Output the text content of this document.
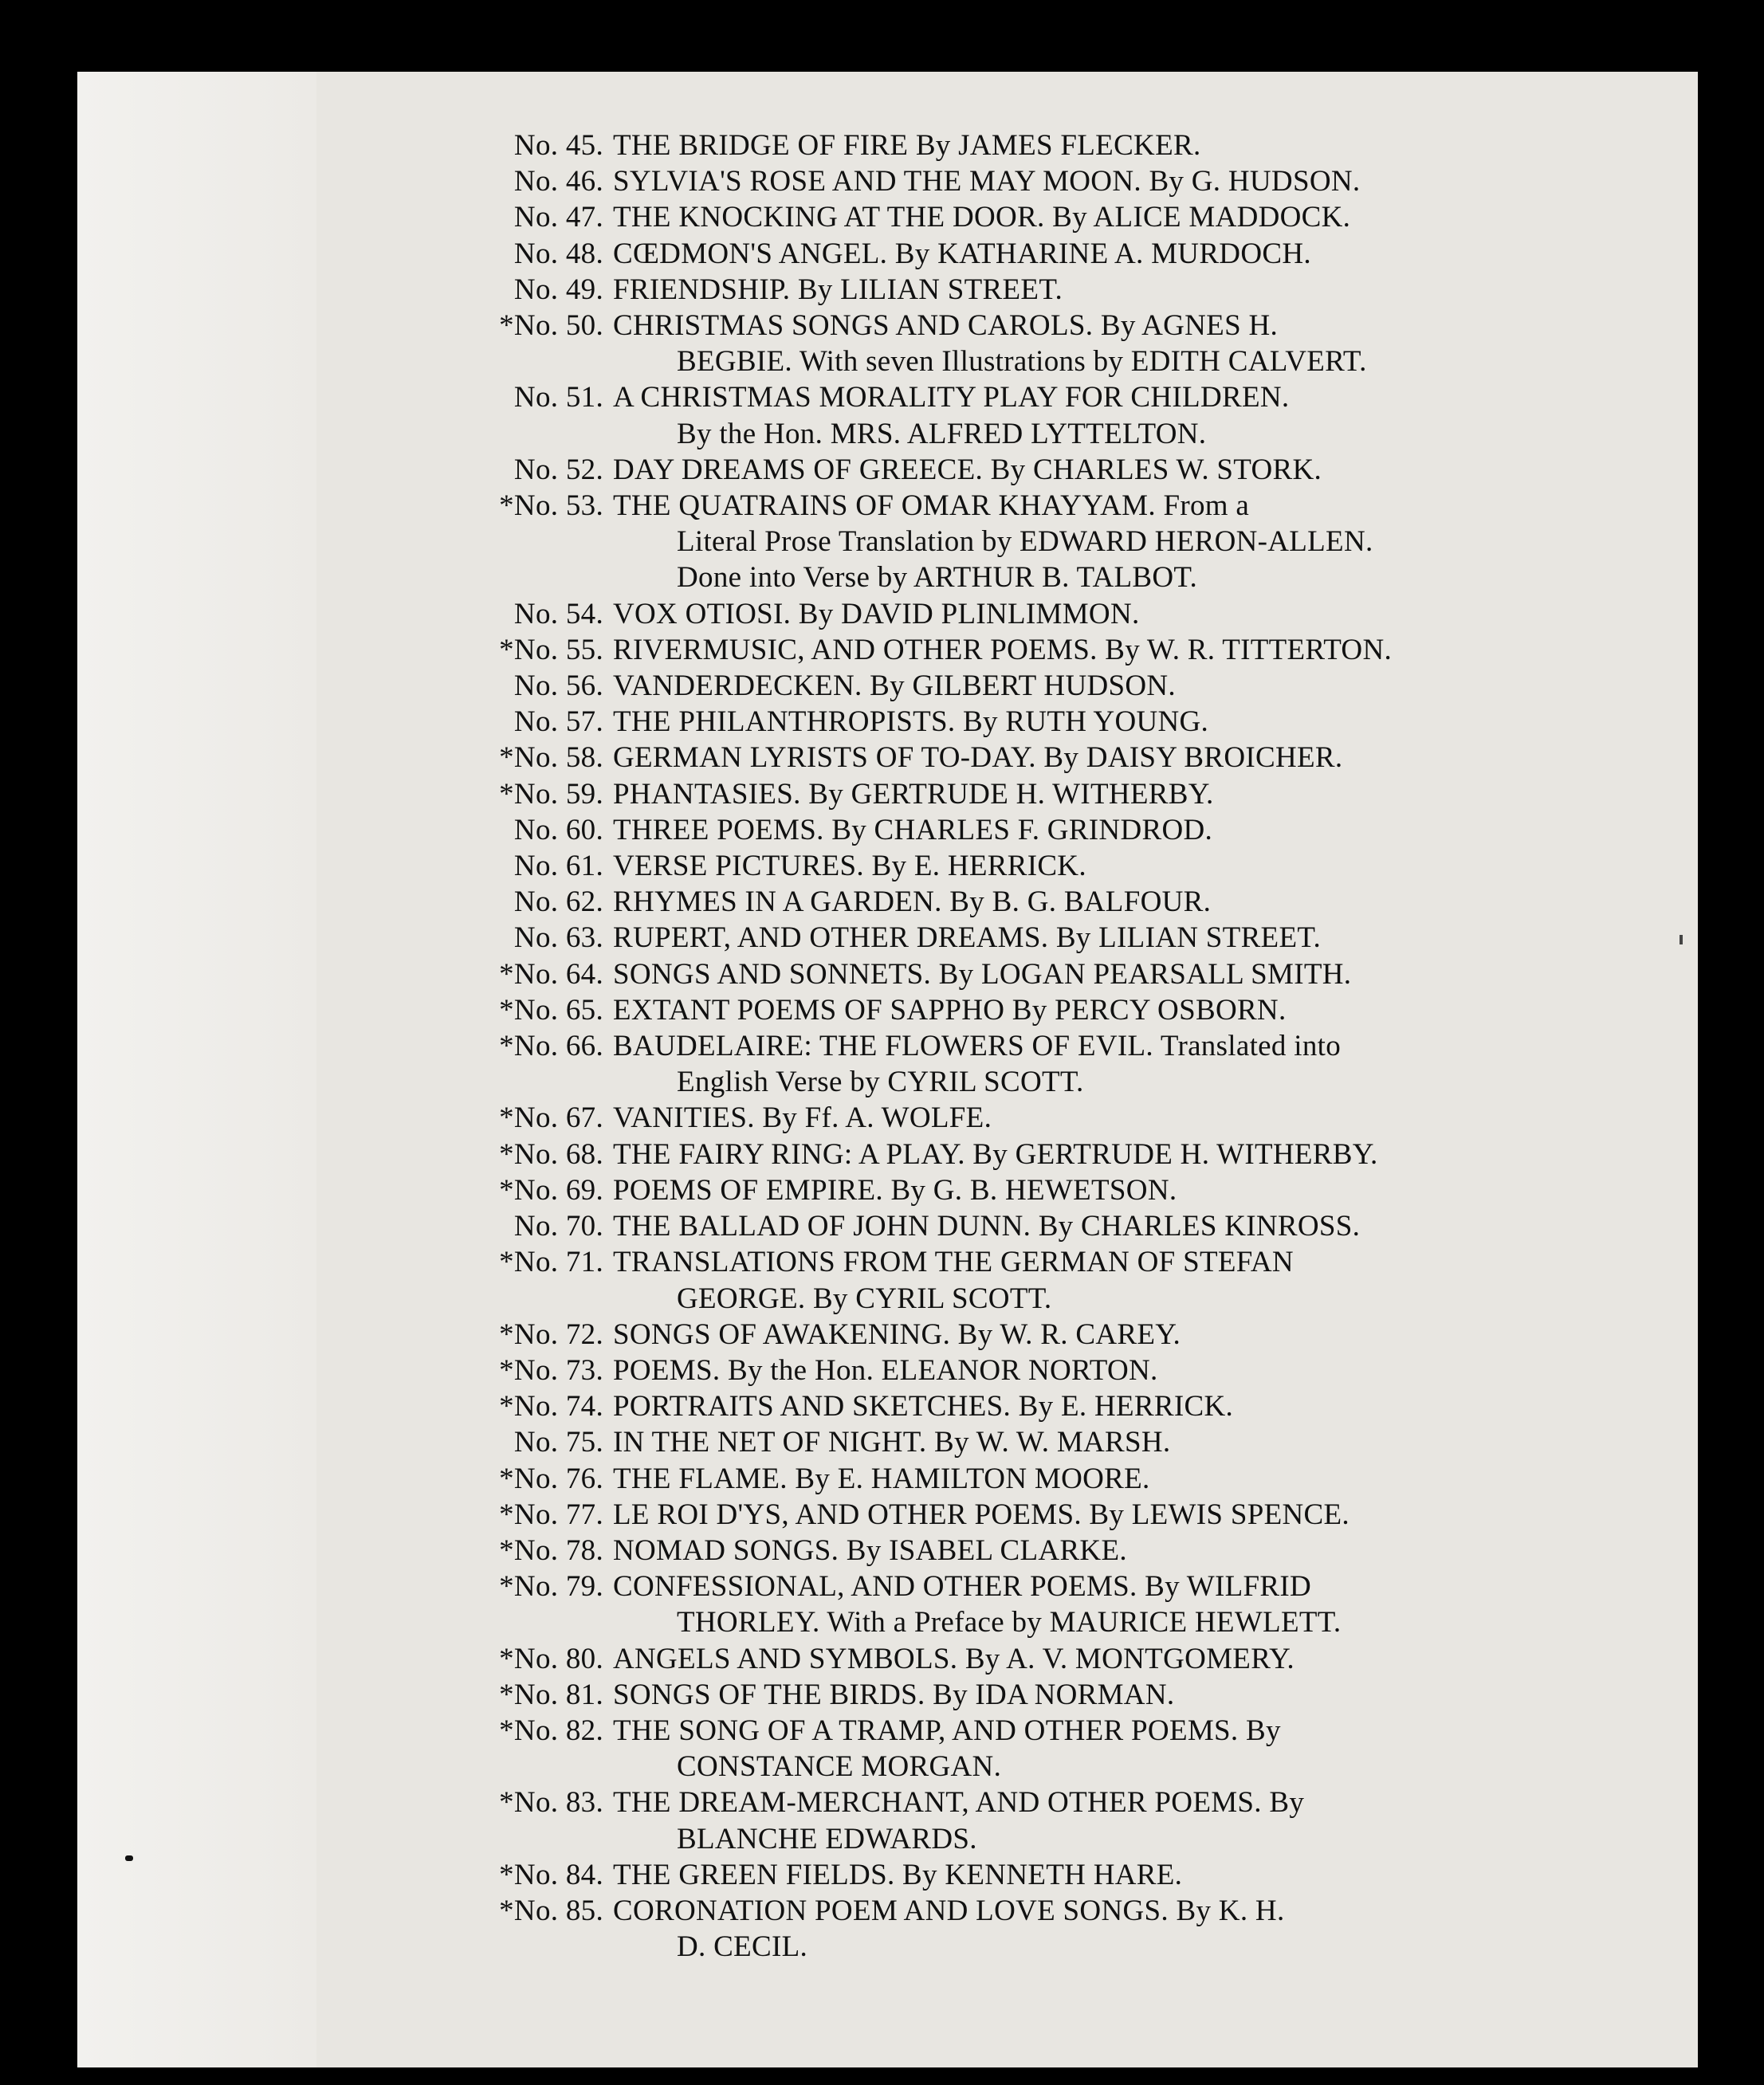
No. 45. THE BRIDGE OF FIRE By JAMES FLECKER.
No. 46. SYLVIA'S ROSE AND THE MAY MOON. By G. HUDSON.
No. 47. THE KNOCKING AT THE DOOR. By ALICE MADDOCK.
No. 48. CŒDMON'S ANGEL. By KATHARINE A. MURDOCH.
No. 49. FRIENDSHIP. By LILIAN STREET.
*No. 50. CHRISTMAS SONGS AND CAROLS. By AGNES H.
BEGBIE. With seven Illustrations by EDITH CALVERT.
No. 51. A CHRISTMAS MORALITY PLAY FOR CHILDREN.
By the Hon. MRS. ALFRED LYTTELTON.
No. 52. DAY DREAMS OF GREECE. By CHARLES W. STORK.
*No. 53. THE QUATRAINS OF OMAR KHAYYAM. From a
Literal Prose Translation by EDWARD HERON-ALLEN.
Done into Verse by ARTHUR B. TALBOT.
No. 54. VOX OTIOSI. By DAVID PLINLIMMON.
*No. 55. RIVERMUSIC, AND OTHER POEMS. By W. R. TITTERTON.
No. 56. VANDERDECKEN. By GILBERT HUDSON.
No. 57. THE PHILANTHROPISTS. By RUTH YOUNG.
*No. 58. GERMAN LYRISTS OF TO-DAY. By DAISY BROICHER.
*No. 59. PHANTASIES. By GERTRUDE H. WITHERBY.
No. 60. THREE POEMS. By CHARLES F. GRINDROD.
No. 61. VERSE PICTURES. By E. HERRICK.
No. 62. RHYMES IN A GARDEN. By B. G. BALFOUR.
No. 63. RUPERT, AND OTHER DREAMS. By LILIAN STREET.
*No. 64. SONGS AND SONNETS. By LOGAN PEARSALL SMITH.
*No. 65. EXTANT POEMS OF SAPPHO By PERCY OSBORN.
*No. 66. BAUDELAIRE: THE FLOWERS OF EVIL. Translated into
English Verse by CYRIL SCOTT.
*No. 67. VANITIES. By Ff. A. WOLFE.
*No. 68. THE FAIRY RING: A PLAY. By GERTRUDE H. WITHERBY.
*No. 69. POEMS OF EMPIRE. By G. B. HEWETSON.
No. 70. THE BALLAD OF JOHN DUNN. By CHARLES KINROSS.
*No. 71. TRANSLATIONS FROM THE GERMAN OF STEFAN
GEORGE. By CYRIL SCOTT.
*No. 72. SONGS OF AWAKENING. By W. R. CAREY.
*No. 73. POEMS. By the Hon. ELEANOR NORTON.
*No. 74. PORTRAITS AND SKETCHES. By E. HERRICK.
No. 75. IN THE NET OF NIGHT. By W. W. MARSH.
*No. 76. THE FLAME. By E. HAMILTON MOORE.
*No. 77. LE ROI D'YS, AND OTHER POEMS. By LEWIS SPENCE.
*No. 78. NOMAD SONGS. By ISABEL CLARKE.
*No. 79. CONFESSIONAL, AND OTHER POEMS. By WILFRID
THORLEY. With a Preface by MAURICE HEWLETT.
*No. 80. ANGELS AND SYMBOLS. By A. V. MONTGOMERY.
*No. 81. SONGS OF THE BIRDS. By IDA NORMAN.
*No. 82. THE SONG OF A TRAMP, AND OTHER POEMS. By
CONSTANCE MORGAN.
*No. 83. THE DREAM-MERCHANT, AND OTHER POEMS. By
BLANCHE EDWARDS.
*No. 84. THE GREEN FIELDS. By KENNETH HARE.
*No. 85. CORONATION POEM AND LOVE SONGS. By K. H.
D. CECIL.
